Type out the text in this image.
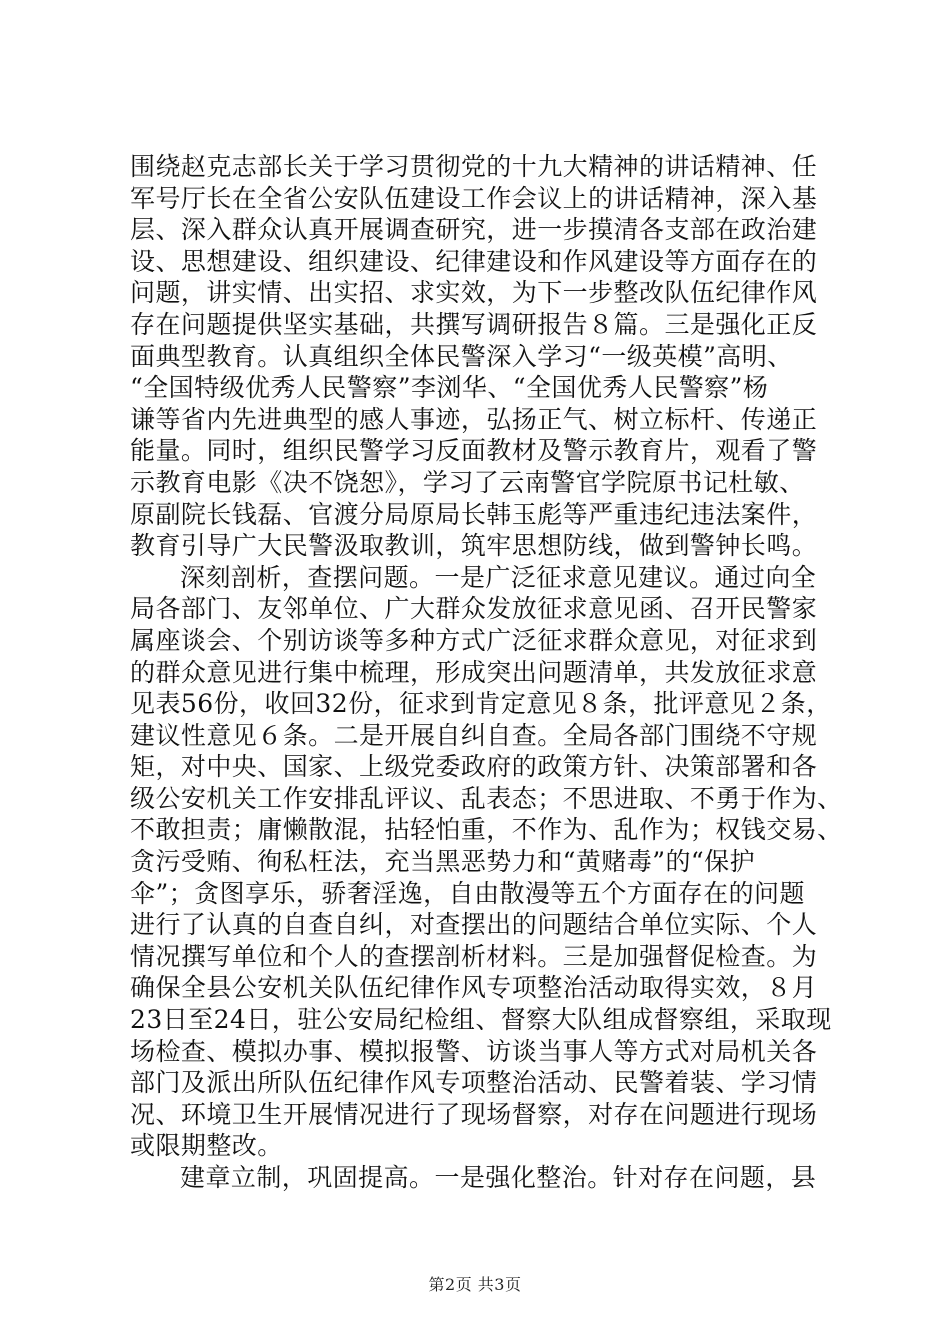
围绕赵克志部长关于学习贯彻党的十九大精神的讲话精神、任
军号厅长在全省公安队伍建设工作会议上的讲话精神，深入基
层、深入群众认真开展调查研究，进一步摸清各支部在政治建
设、思想建设、组织建设、纪律建设和作风建设等方面存在的
问题，讲实情、出实招、求实效，为下一步整改队伍纪律作风
存在问题提供坚实基础，共撰写调研报告８篇。三是强化正反
面典型教育。认真组织全体民警深入学习“一级英模”高明、
“全国特级优秀人民警察”李浏华、“全国优秀人民警察”杨
谦等省内先进典型的感人事迹，弘扬正气、树立标杆、传递正
能量。同时，组织民警学习反面教材及警示教育片，观看了警
示教育电影《决不饶恕》，学习了云南警官学院原书记杜敏、
原副院长钱磊、官渡分局原局长韩玉彪等严重违纪违法案件，
教育引导广大民警汲取教训，筑牢思想防线，做到警钟长鸣。
深刻剖析，查摆问题。一是广泛征求意见建议。通过向全
局各部门、友邻单位、广大群众发放征求意见函、召开民警家
属座谈会、个别访谈等多种方式广泛征求群众意见，对征求到
的群众意见进行集中梳理，形成突出问题清单，共发放征求意
见表56份，收回32份，征求到肯定意见８条，批评意见２条，
建议性意见６条。二是开展自纠自查。全局各部门围绕不守规
矩，对中央、国家、上级党委政府的政策方针、决策部署和各
级公安机关工作安排乱评议、乱表态；不思进取、不勇于作为、
不敢担责；庸懒散混，拈轻怕重，不作为、乱作为；权钱交易、
贪污受贿、徇私枉法，充当黑恶势力和“黄赌毒”的“保护
伞”；贪图享乐，骄奢淫逸，自由散漫等五个方面存在的问题
进行了认真的自查自纠，对查摆出的问题结合单位实际、个人
情况撰写单位和个人的查摆剖析材料。三是加强督促检查。为
确保全县公安机关队伍纪律作风专项整治活动取得实效，８月
23日至24日，驻公安局纪检组、督察大队组成督察组，采取现
场检查、模拟办事、模拟报警、访谈当事人等方式对局机关各
部门及派出所队伍纪律作风专项整治活动、民警着装、学习情
况、环境卫生开展情况进行了现场督察，对存在问题进行现场
或限期整改。
建章立制，巩固提高。一是强化整治。针对存在问题，县
第2页 共3页
